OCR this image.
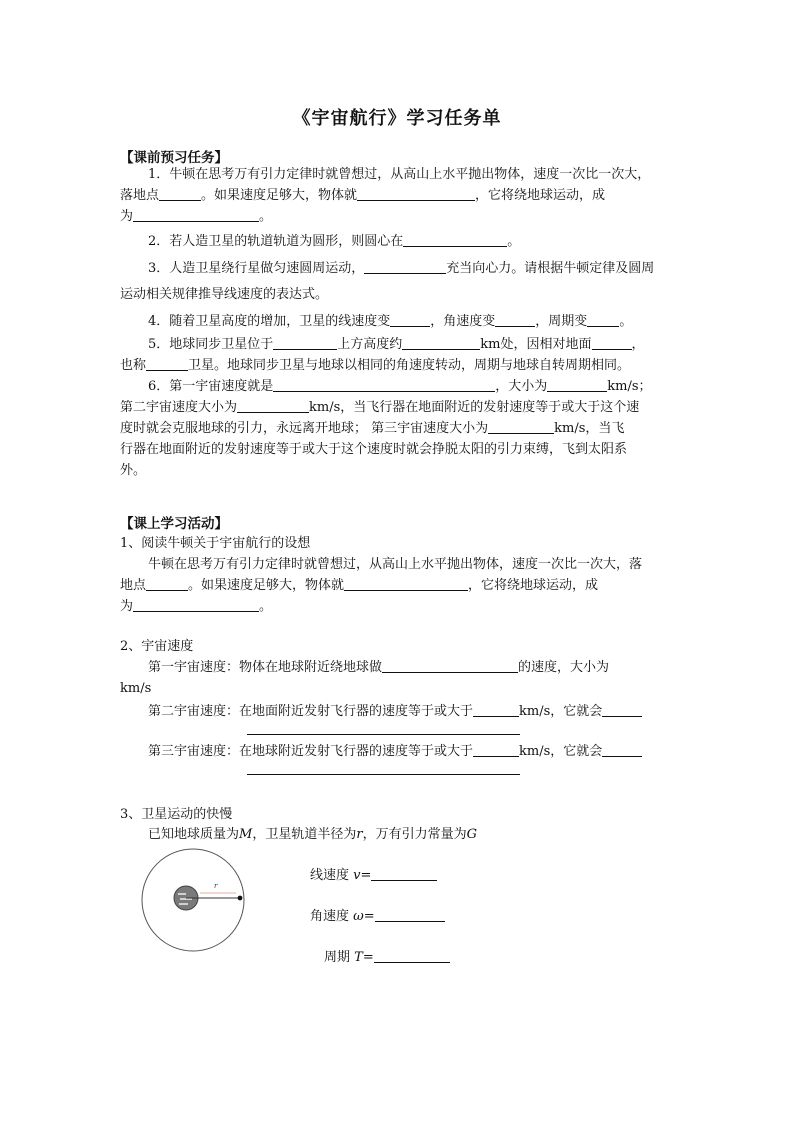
《宇宙航行》学习任务单
【课前预习任务】
1．牛顿在思考万有引力定律时就曾想过，从高山上水平抛出物体，速度一次比一次大，
落地点	。如果速度足够大，物体就	，它将绕地球运动，成
为	。
2．若人造卫星的轨道轨道为圆形，则圆心在	。
3．人造卫星绕行星做匀速圆周运动，	充当向心力。请根据牛顿定律及圆周
运动相关规律推导线速度的表达式。
4．随着卫星高度的增加，卫星的线速度变	，角速度变	，周期变 。
5．地球同步卫星位于	上方高度约	km处，因相对地面	，
也称	卫星。地球同步卫星与地球以相同的角速度转动，周期与地球自转周期相同。
6．第一宇宙速度就是	，大小为	km/s；
第二宇宙速度大小为	km/s，当飞行器在地面附近的发射速度等于或大于这个速
度时就会克服地球的引力，永远离开地球； 第三宇宙速度大小为	km/s，当飞
行器在地面附近的发射速度等于或大于这个速度时就会挣脱太阳的引力束缚，飞到太阳系
外。
【课上学习活动】
1、阅读牛顿关于宇宙航行的设想
牛顿在思考万有引力定律时就曾想过，从高山上水平抛出物体，速度一次比一次大，落
地点	。如果速度足够大，物体就	，它将绕地球运动，成
为	。
2、宇宙速度
第一宇宙速度：物体在地球附近绕地球做	的速度，大小为
km/s
第二宇宙速度：在地面附近发射飞行器的速度等于或大于	km/s，它就会
第三宇宙速度：在地球附近发射飞行器的速度等于或大于	km/s，它就会
3、卫星运动的快慢
已知地球质量为M，卫星轨道半径为r，万有引力常量为G
r
线速度 v=
角速度 ω=
周期 T=
